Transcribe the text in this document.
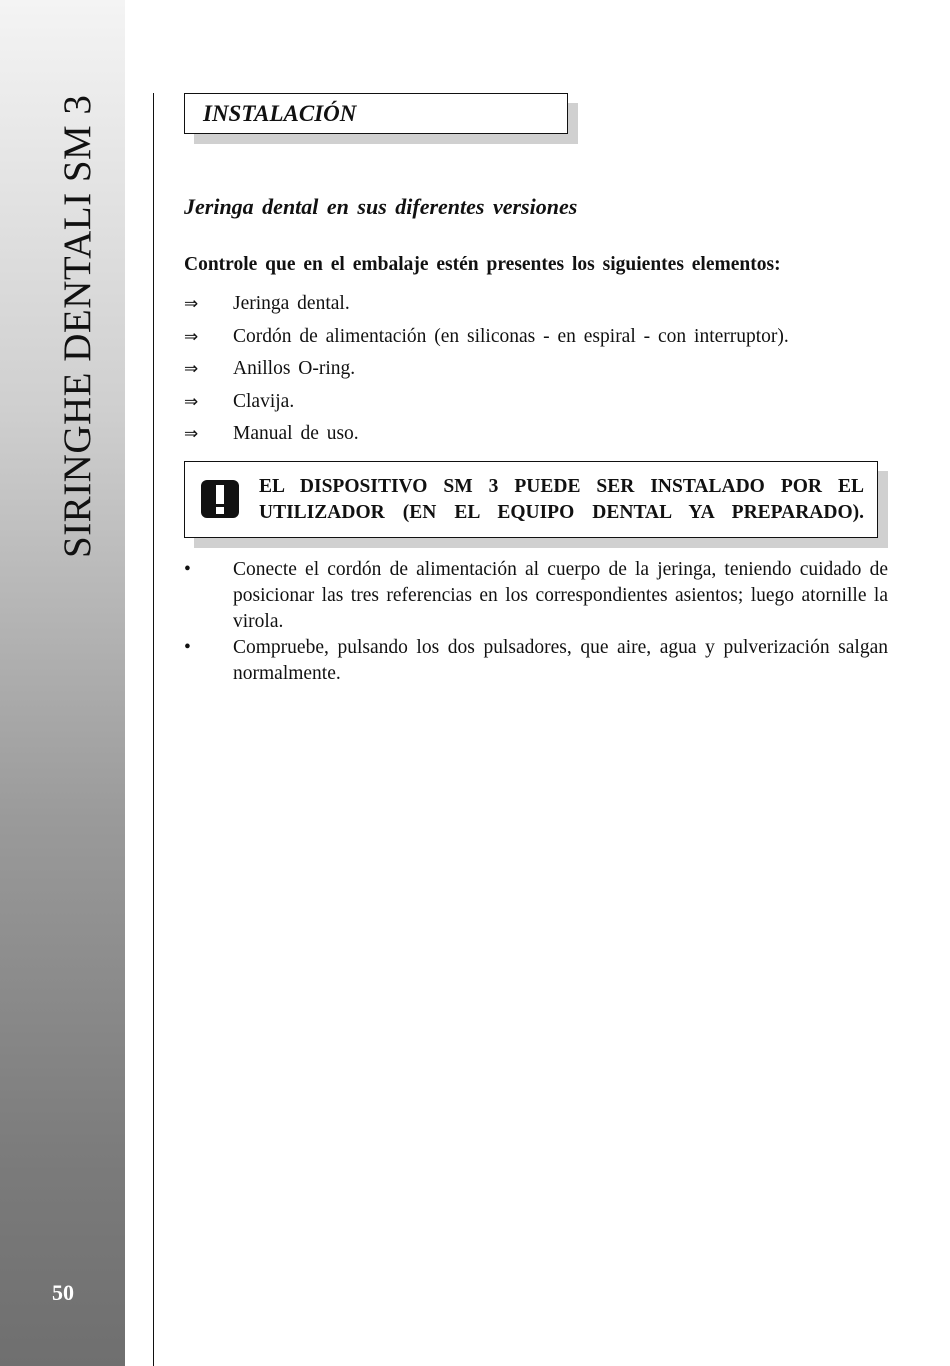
SIRINGHE DENTALI SM 3
50
INSTALACIÓN
Jeringa dental en sus diferentes versiones
Controle que en el embalaje estén presentes los siguientes elementos:
⇒ Jeringa dental.
⇒ Cordón de alimentación (en siliconas - en espiral - con interruptor).
⇒ Anillos O-ring.
⇒ Clavija.
⇒ Manual de uso.
EL DISPOSITIVO SM 3 PUEDE SER INSTALADO POR EL
UTILIZADOR (EN EL EQUIPO DENTAL YA PREPARADO).
• Conecte el cordón de alimentación al cuerpo de la jeringa, teniendo cuidado de posicionar las tres referencias en los correspondientes asientos; luego atornille la virola.
• Compruebe, pulsando los dos pulsadores, que aire, agua y pulverización salgan normalmente.
